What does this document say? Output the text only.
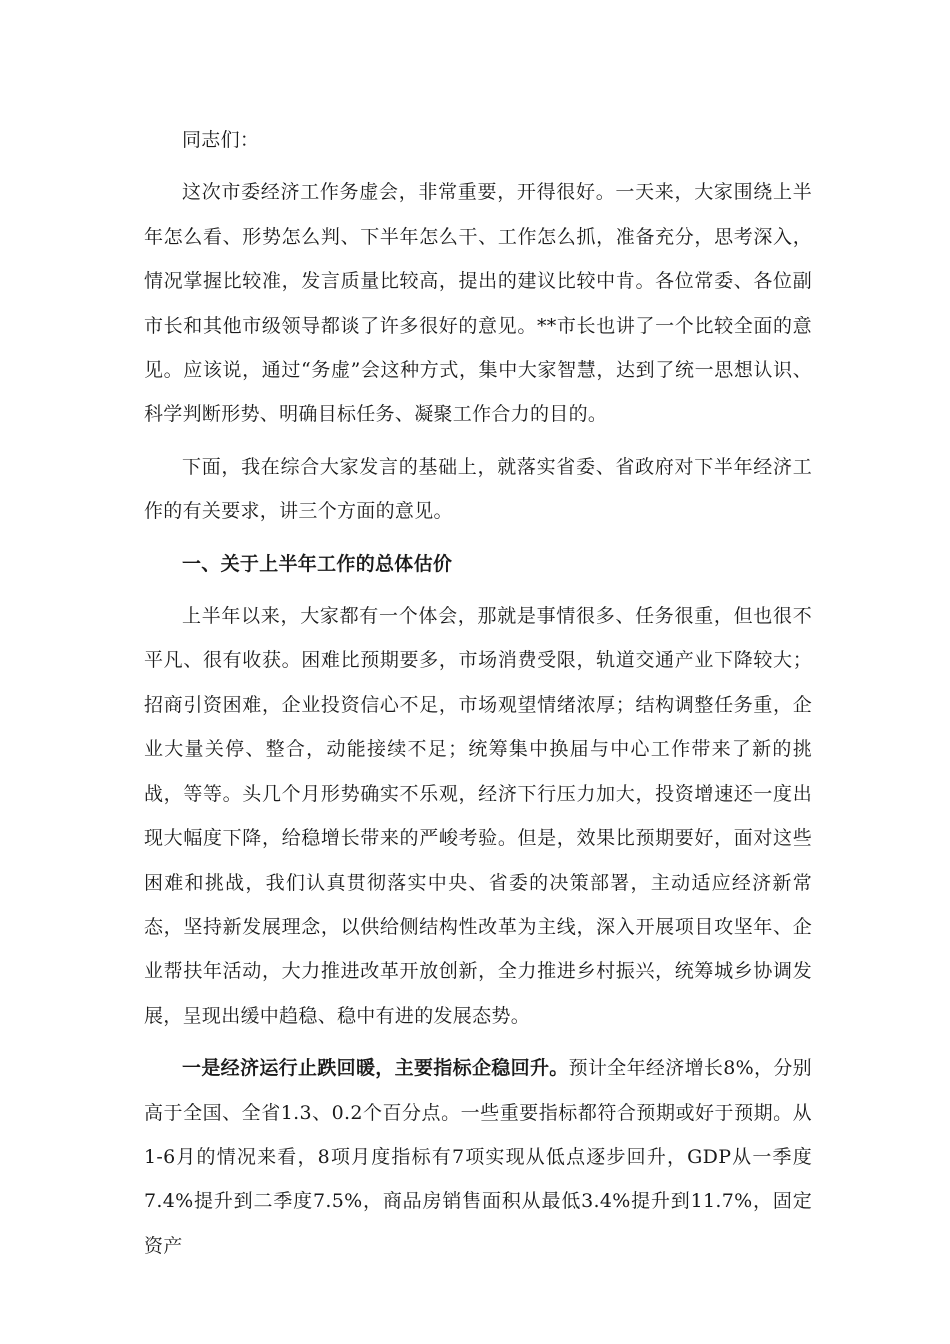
同志们：

这次市委经济工作务虚会，非常重要，开得很好。一天来，大家围绕上半年怎么看、形势怎么判、下半年怎么干、工作怎么抓，准备充分，思考深入，情况掌握比较准，发言质量比较高，提出的建议比较中肯。各位常委、各位副市长和其他市级领导都谈了许多很好的意见。**市长也讲了一个比较全面的意见。应该说，通过“务虚”会这种方式，集中大家智慧，达到了统一思想认识、科学判断形势、明确目标任务、凝聚工作合力的目的。

下面，我在综合大家发言的基础上，就落实省委、省政府对下半年经济工作的有关要求，讲三个方面的意见。

一、关于上半年工作的总体估价

上半年以来，大家都有一个体会，那就是事情很多、任务很重，但也很不平凡、很有收获。困难比预期要多，市场消费受限，轨道交通产业下降较大；招商引资困难，企业投资信心不足，市场观望情绪浓厚；结构调整任务重，企业大量关停、整合，动能接续不足；统筹集中换届与中心工作带来了新的挑战，等等。头几个月形势确实不乐观，经济下行压力加大，投资增速还一度出现大幅度下降，给稳增长带来的严峻考验。但是，效果比预期要好，面对这些困难和挑战，我们认真贯彻落实中央、省委的决策部署，主动适应经济新常态，坚持新发展理念，以供给侧结构性改革为主线，深入开展项目攻坚年、企业帮扶年活动，大力推进改革开放创新，全力推进乡村振兴，统筹城乡协调发展，呈现出缓中趋稳、稳中有进的发展态势。

一是经济运行止跌回暖，主要指标企稳回升。预计全年经济增长8%，分别高于全国、全省1.3、0.2个百分点。一些重要指标都符合预期或好于预期。从1-6月的情况来看，8项月度指标有7项实现从低点逐步回升，GDP从一季度7.4%提升到二季度7.5%，商品房销售面积从最低3.4%提升到11.7%，固定资产
